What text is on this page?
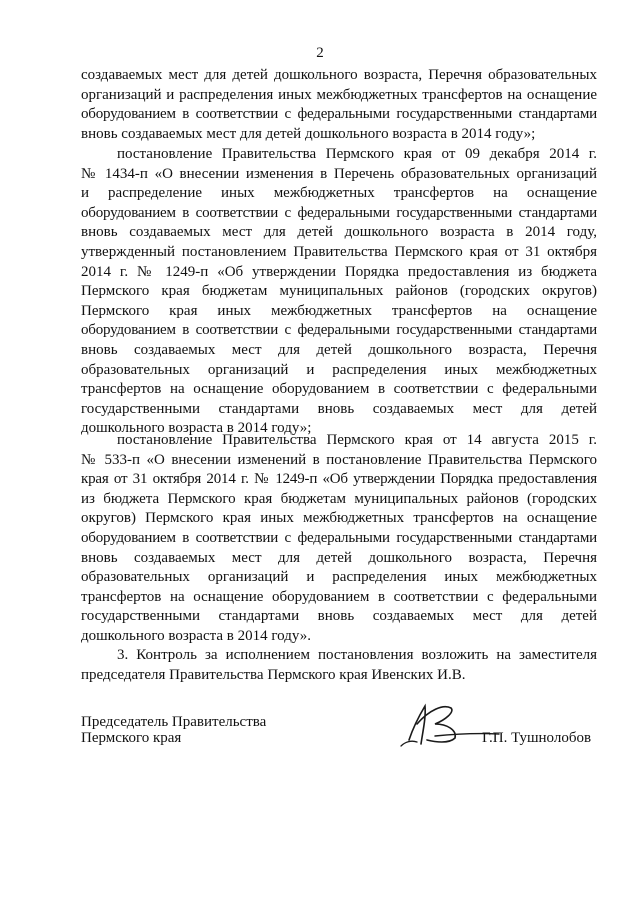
2
создаваемых мест для детей дошкольного возраста, Перечня образовательных
организаций и распределения иных межбюджетных трансфертов на оснащение
оборудованием в соответствии с федеральными государственными стандартами
вновь создаваемых мест для детей дошкольного возраста в 2014 году»;
постановление Правительства Пермского края от 09 декабря 2014 г.
№ 1434-п «О внесении изменения в Перечень образовательных организаций
и распределение иных межбюджетных трансфертов на оснащение
оборудованием в соответствии с федеральными государственными стандартами
вновь создаваемых мест для детей дошкольного возраста в 2014 году,
утвержденный постановлением Правительства Пермского края от 31 октября
2014 г. № 1249-п «Об утверждении Порядка предоставления из бюджета
Пермского края бюджетам муниципальных районов (городских округов)
Пермского края иных межбюджетных трансфертов на оснащение
оборудованием в соответствии с федеральными государственными стандартами
вновь создаваемых мест для детей дошкольного возраста, Перечня
образовательных организаций и распределения иных межбюджетных
трансфертов на оснащение оборудованием в соответствии с федеральными
государственными стандартами вновь создаваемых мест для детей
дошкольного возраста в 2014 году»;
постановление Правительства Пермского края от 14 августа 2015 г.
№ 533-п «О внесении изменений в постановление Правительства Пермского
края от 31 октября 2014 г. № 1249-п «Об утверждении Порядка предоставления
из бюджета Пермского края бюджетам муниципальных районов (городских
округов) Пермского края иных межбюджетных трансфертов на оснащение
оборудованием в соответствии с федеральными государственными стандартами
вновь создаваемых мест для детей дошкольного возраста, Перечня
образовательных организаций и распределения иных межбюджетных
трансфертов на оснащение оборудованием в соответствии с федеральными
государственными стандартами вновь создаваемых мест для детей
дошкольного возраста в 2014 году».
3. Контроль за исполнением постановления возложить на заместителя
председателя Правительства Пермского края Ивенских И.В.
Председатель Правительства
Пермского края	Г.П. Тушнолобов
